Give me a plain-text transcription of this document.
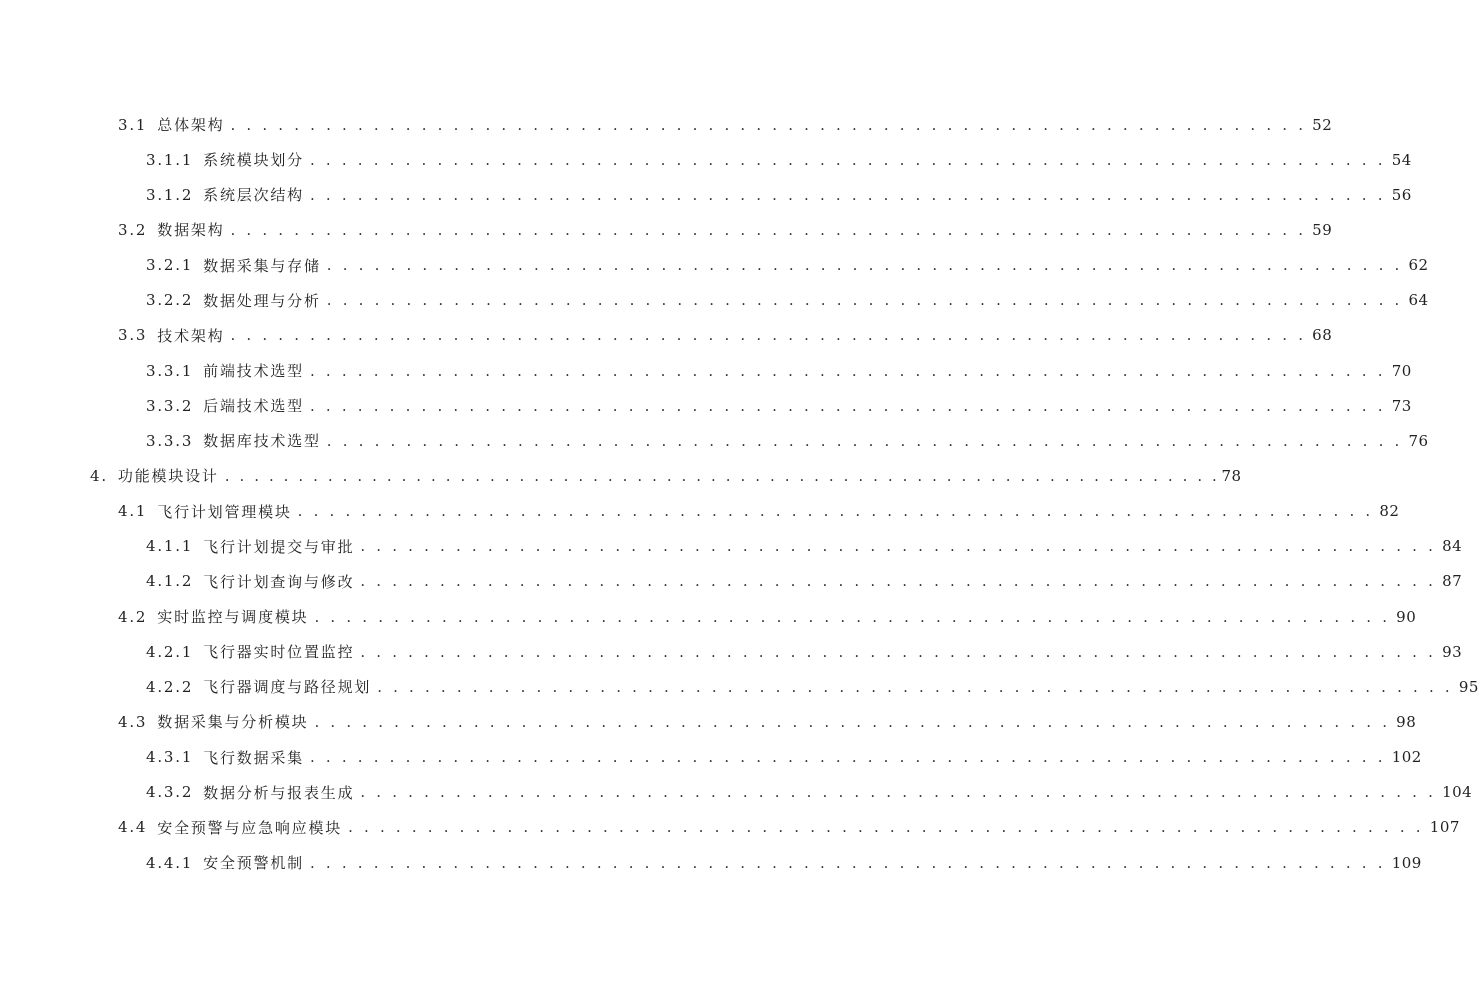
3.1 总体架构 . . . . . . . . . . . . . . . . . . . . . . . . . . . . . . . . . . . . . . . . . . . . . . . . . . . . . . . . . . . . . . . . . . . . 52
3.1.1 系统模块划分 . . . . . . . . . . . . . . . . . . . . . . . . . . . . . . . . . . . . . . . . . . . . . . . . . . . . . . . . . . . . . . . . . . . . 54
3.1.2 系统层次结构 . . . . . . . . . . . . . . . . . . . . . . . . . . . . . . . . . . . . . . . . . . . . . . . . . . . . . . . . . . . . . . . . . . . . 56
3.2 数据架构 . . . . . . . . . . . . . . . . . . . . . . . . . . . . . . . . . . . . . . . . . . . . . . . . . . . . . . . . . . . . . . . . . . . . 59
3.2.1 数据采集与存储 . . . . . . . . . . . . . . . . . . . . . . . . . . . . . . . . . . . . . . . . . . . . . . . . . . . . . . . . . . . . . . . . . . . . 62
3.2.2 数据处理与分析 . . . . . . . . . . . . . . . . . . . . . . . . . . . . . . . . . . . . . . . . . . . . . . . . . . . . . . . . . . . . . . . . . . . . 64
3.3 技术架构 . . . . . . . . . . . . . . . . . . . . . . . . . . . . . . . . . . . . . . . . . . . . . . . . . . . . . . . . . . . . . . . . . . . . 68
3.3.1 前端技术选型 . . . . . . . . . . . . . . . . . . . . . . . . . . . . . . . . . . . . . . . . . . . . . . . . . . . . . . . . . . . . . . . . . . . . 70
3.3.2 后端技术选型 . . . . . . . . . . . . . . . . . . . . . . . . . . . . . . . . . . . . . . . . . . . . . . . . . . . . . . . . . . . . . . . . . . . . 73
3.3.3 数据库技术选型 . . . . . . . . . . . . . . . . . . . . . . . . . . . . . . . . . . . . . . . . . . . . . . . . . . . . . . . . . . . . . . . . . . . . 76
4. 功能模块设计 . . . . . . . . . . . . . . . . . . . . . . . . . . . . . . . . . . . . . . . . . . . . . . . . . . . . . . . . . . . . . . . . . . . . 78
4.1 飞行计划管理模块 . . . . . . . . . . . . . . . . . . . . . . . . . . . . . . . . . . . . . . . . . . . . . . . . . . . . . . . . . . . . . . . . . . . . 82
4.1.1 飞行计划提交与审批 . . . . . . . . . . . . . . . . . . . . . . . . . . . . . . . . . . . . . . . . . . . . . . . . . . . . . . . . . . . . . . . . . . . . 84
4.1.2 飞行计划查询与修改 . . . . . . . . . . . . . . . . . . . . . . . . . . . . . . . . . . . . . . . . . . . . . . . . . . . . . . . . . . . . . . . . . . . . 87
4.2 实时监控与调度模块 . . . . . . . . . . . . . . . . . . . . . . . . . . . . . . . . . . . . . . . . . . . . . . . . . . . . . . . . . . . . . . . . . . . . 90
4.2.1 飞行器实时位置监控 . . . . . . . . . . . . . . . . . . . . . . . . . . . . . . . . . . . . . . . . . . . . . . . . . . . . . . . . . . . . . . . . . . . . 93
4.2.2 飞行器调度与路径规划 . . . . . . . . . . . . . . . . . . . . . . . . . . . . . . . . . . . . . . . . . . . . . . . . . . . . . . . . . . . . . . . . . . . . 95
4.3 数据采集与分析模块 . . . . . . . . . . . . . . . . . . . . . . . . . . . . . . . . . . . . . . . . . . . . . . . . . . . . . . . . . . . . . . . . . . . . 98
4.3.1 飞行数据采集 . . . . . . . . . . . . . . . . . . . . . . . . . . . . . . . . . . . . . . . . . . . . . . . . . . . . . . . . . . . . . . . . . . . . 102
4.3.2 数据分析与报表生成 . . . . . . . . . . . . . . . . . . . . . . . . . . . . . . . . . . . . . . . . . . . . . . . . . . . . . . . . . . . . . . . . . . . . 104
4.4 安全预警与应急响应模块 . . . . . . . . . . . . . . . . . . . . . . . . . . . . . . . . . . . . . . . . . . . . . . . . . . . . . . . . . . . . . . . . . . . . 107
4.4.1 安全预警机制 . . . . . . . . . . . . . . . . . . . . . . . . . . . . . . . . . . . . . . . . . . . . . . . . . . . . . . . . . . . . . . . . . . . . 109
